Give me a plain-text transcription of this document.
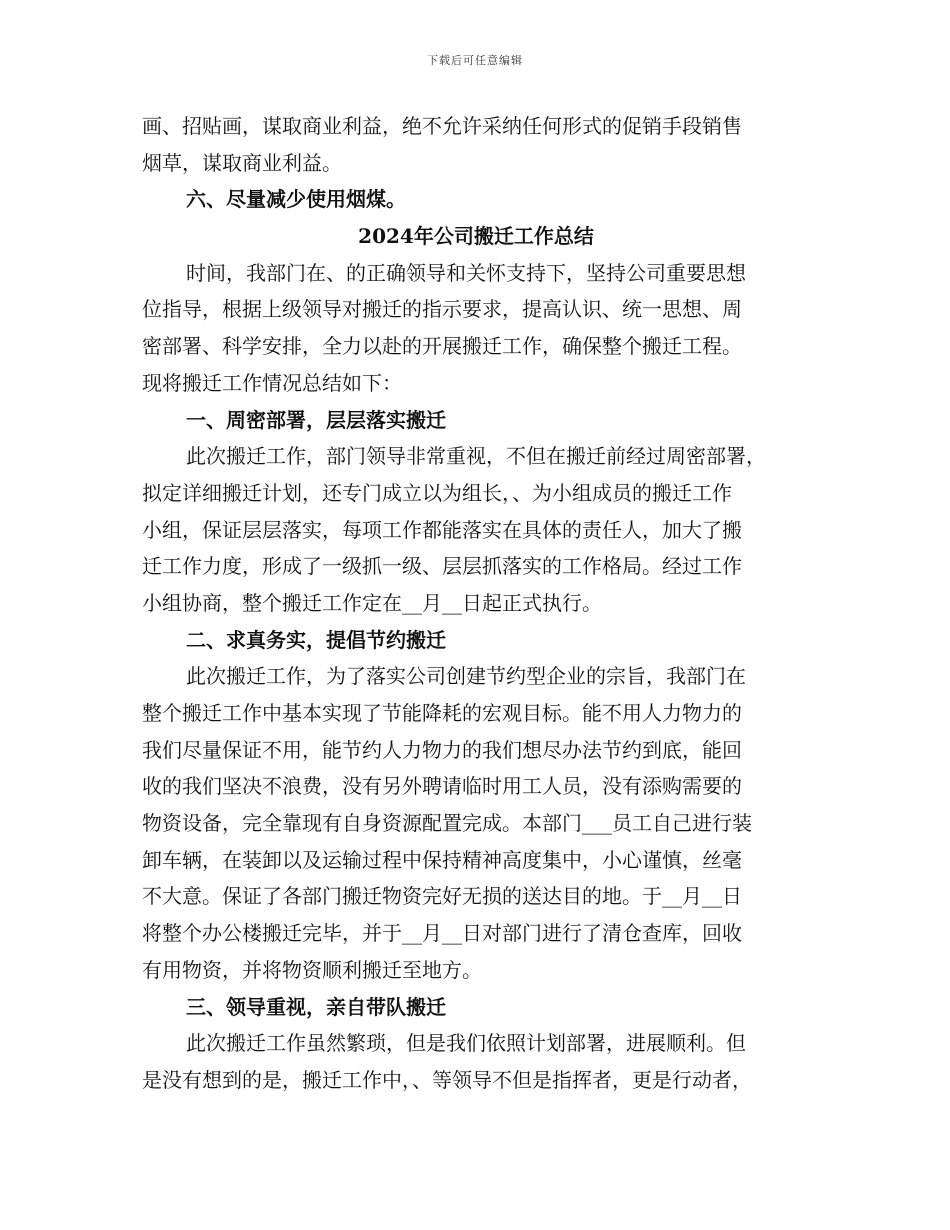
下载后可任意编辑
画、招贴画，谋取商业利益，绝不允许采纳任何形式的促销手段销售
烟草，谋取商业利益。
六、尽量减少使用烟煤。
2024年公司搬迁工作总结
时间，我部门在、的正确领导和关怀支持下，坚持公司重要思想
位指导，根据上级领导对搬迁的指示要求，提高认识、统一思想、周
密部署、科学安排，全力以赴的开展搬迁工作，确保整个搬迁工程。
现将搬迁工作情况总结如下：
一、周密部署，层层落实搬迁
此次搬迁工作，部门领导非常重视，不但在搬迁前经过周密部署，
拟定详细搬迁计划，还专门成立以为组长，、为小组成员的搬迁工作
小组，保证层层落实，每项工作都能落实在具体的责任人，加大了搬
迁工作力度，形成了一级抓一级、层层抓落实的工作格局。经过工作
小组协商，整个搬迁工作定在__月__日起正式执行。
二、求真务实，提倡节约搬迁
此次搬迁工作，为了落实公司创建节约型企业的宗旨，我部门在
整个搬迁工作中基本实现了节能降耗的宏观目标。能不用人力物力的
我们尽量保证不用，能节约人力物力的我们想尽办法节约到底，能回
收的我们坚决不浪费，没有另外聘请临时用工人员，没有添购需要的
物资设备，完全靠现有自身资源配置完成。本部门___员工自己进行装
卸车辆，在装卸以及运输过程中保持精神高度集中，小心谨慎，丝毫
不大意。保证了各部门搬迁物资完好无损的送达目的地。于__月__日
将整个办公楼搬迁完毕，并于__月__日对部门进行了清仓查库，回收
有用物资，并将物资顺利搬迁至地方。
三、领导重视，亲自带队搬迁
此次搬迁工作虽然繁琐，但是我们依照计划部署，进展顺利。但
是没有想到的是，搬迁工作中，、等领导不但是指挥者，更是行动者，
